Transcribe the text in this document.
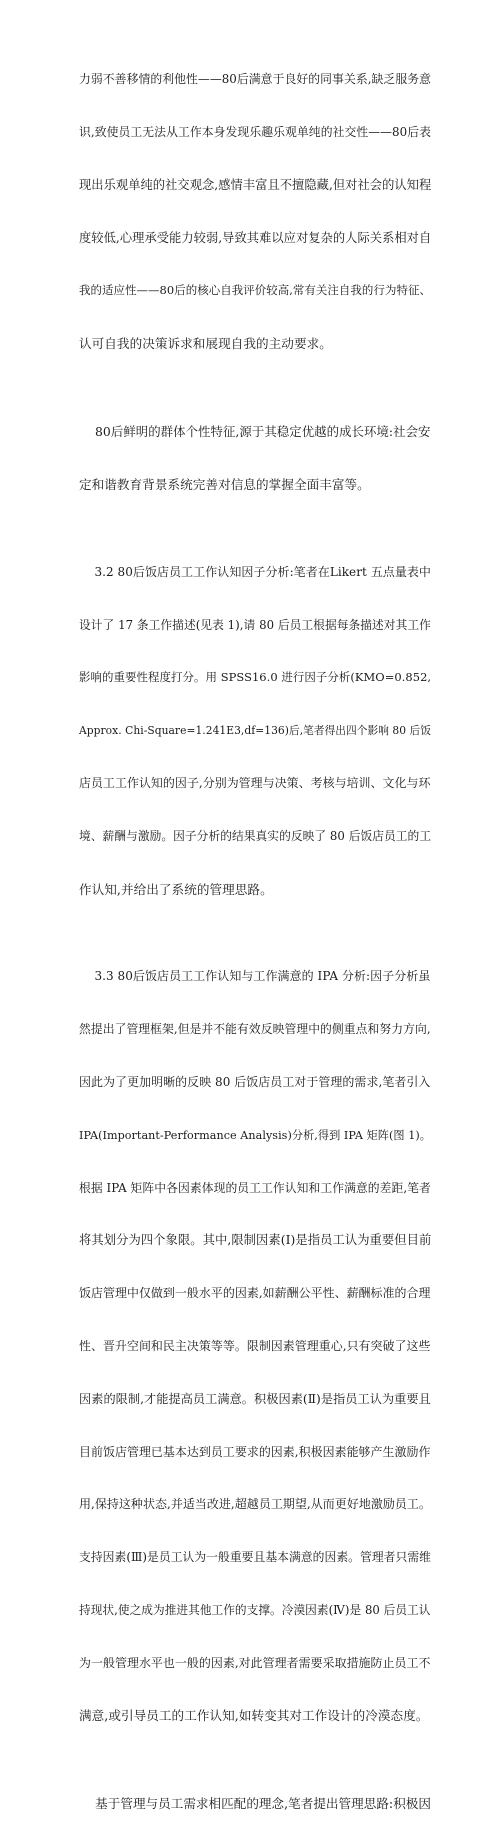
力弱不善移情的利他性——80后满意于良好的同事关系,缺乏服务意

识,致使员工无法从工作本身发现乐趣乐观单纯的社交性——80后表

现出乐观单纯的社交观念,感情丰富且不擅隐藏,但对社会的认知程

度较低,心理承受能力较弱,导致其难以应对复杂的人际关系相对自

我的适应性——80后的核心自我评价较高,常有关注自我的行为特征、

认可自我的决策诉求和展现自我的主动要求。

80后鲜明的群体个性特征,源于其稳定优越的成长环境:社会安

定和谐教育背景系统完善对信息的掌握全面丰富等。

3.2 80后饭店员工工作认知因子分析:笔者在Likert 五点量表中

设计了 17 条工作描述(见表 1),请 80 后员工根据每条描述对其工作

影响的重要性程度打分。用 SPSS16.0 进行因子分析(KMO=0.852,

Approx. Chi-Square=1.241E3,df=136)后,笔者得出四个影响 80 后饭

店员工工作认知的因子,分别为管理与决策、考核与培训、文化与环

境、薪酬与激励。因子分析的结果真实的反映了 80 后饭店员工的工

作认知,并给出了系统的管理思路。

3.3 80后饭店员工工作认知与工作满意的 IPA 分析:因子分析虽

然提出了管理框架,但是并不能有效反映管理中的侧重点和努力方向,

因此为了更加明晰的反映 80 后饭店员工对于管理的需求,笔者引入

IPA(Important-Performance Analysis)分析,得到 IPA 矩阵(图 1)。

根据 IPA 矩阵中各因素体现的员工工作认知和工作满意的差距,笔者

将其划分为四个象限。其中,限制因素(Ⅰ)是指员工认为重要但目前

饭店管理中仅做到一般水平的因素,如薪酬公平性、薪酬标准的合理

性、晋升空间和民主决策等等。限制因素管理重心,只有突破了这些

因素的限制,才能提高员工满意。积极因素(Ⅱ)是指员工认为重要且

目前饭店管理已基本达到员工要求的因素,积极因素能够产生激励作

用,保持这种状态,并适当改进,超越员工期望,从而更好地激励员工。

支持因素(Ⅲ)是员工认为一般重要且基本满意的因素。管理者只需维

持现状,使之成为推进其他工作的支撑。冷漠因素(Ⅳ)是 80 后员工认

为一般管理水平也一般的因素,对此管理者需要采取措施防止员工不

满意,或引导员工的工作认知,如转变其对工作设计的冷漠态度。

基于管理与员工需求相匹配的理念,笔者提出管理思路:积极因
